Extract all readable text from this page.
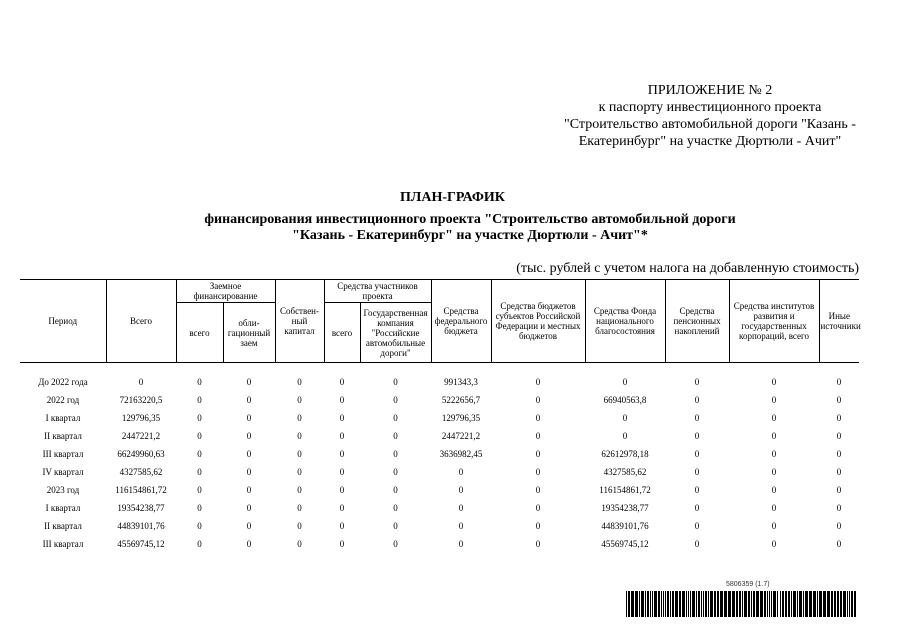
ПРИЛОЖЕНИЕ № 2
к паспорту инвестиционного проекта
"Строительство автомобильной дороги "Казань -
Екатеринбург" на участке Дюртюли - Ачит"
ПЛАН-ГРАФИК
финансирования инвестиционного проекта "Строительство автомобильной дороги
"Казань - Екатеринбург" на участке Дюртюли - Ачит"*
(тыс. рублей с учетом налога на добавленную стоимость)
Период	Всего	Заемное финансирование		Собствен-ный капитал	Средства участников проекта		Средства федерального бюджета	Средства бюджетов субъектов Российской Федерации и местных бюджетов	Средства Фонда национального благосостояния	Средства пенсионных накоплений	Средства институтов развития и государственных корпораций, всего	Иные источники
		всего	обли-гационный заем		всего	Государственная компания "Российские автомобильные дороги"						

До 2022 года	0	0	0	0	0	0	991343,3	0	0	0	0	0
2022 год	72163220,5	0	0	0	0	0	5222656,7	0	66940563,8	0	0	0
I квартал	129796,35	0	0	0	0	0	129796,35	0	0	0	0	0
II квартал	2447221,2	0	0	0	0	0	2447221,2	0	0	0	0	0
III квартал	66249960,63	0	0	0	0	0	3636982,45	0	62612978,18	0	0	0
IV квартал	4327585,62	0	0	0	0	0	0	0	4327585,62	0	0	0
2023 год	116154861,72	0	0	0	0	0	0	0	116154861,72	0	0	0
I квартал	19354238,77	0	0	0	0	0	0	0	19354238,77	0	0	0
II квартал	44839101,76	0	0	0	0	0	0	0	44839101,76	0	0	0
III квартал	45569745,12	0	0	0	0	0	0	0	45569745,12	0	0	0
5806359 (1.7)
